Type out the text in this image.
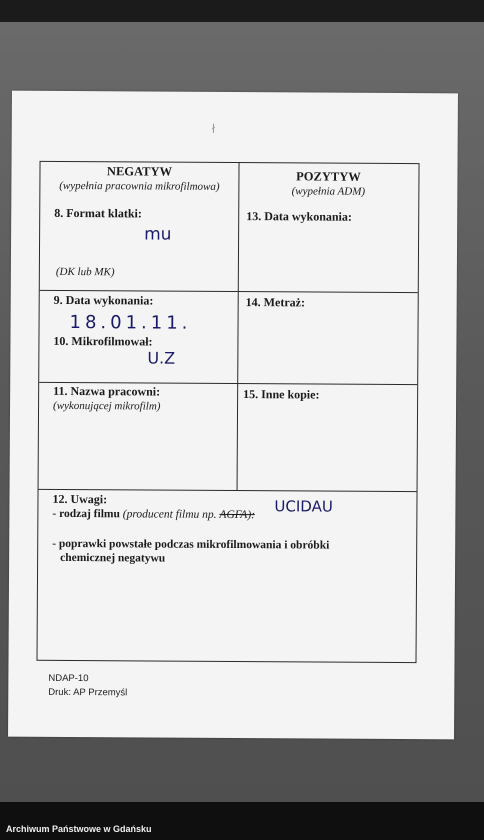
ł
NEGATYW
(wypełnia pracownia mikrofilmowa)
8. Format klatki:
mu
(DK lub MK)
9. Data wykonania:
18.01.11.
10. Mikrofilmował:
U.Z
11. Nazwa pracowni:
(wykonującej mikrofilm)
POZYTYW
(wypełnia ADM)
13. Data wykonania:
14. Metraż:
15. Inne kopie:
12. Uwagi:
- rodzaj filmu (producent filmu np. AGFA): UCIDAU
- poprawki powstałe podczas mikrofilmowania i obróbki
chemicznej negatywu
NDAP-10
Druk: AP Przemyśl
Archiwum Państwowe w Gdańsku
